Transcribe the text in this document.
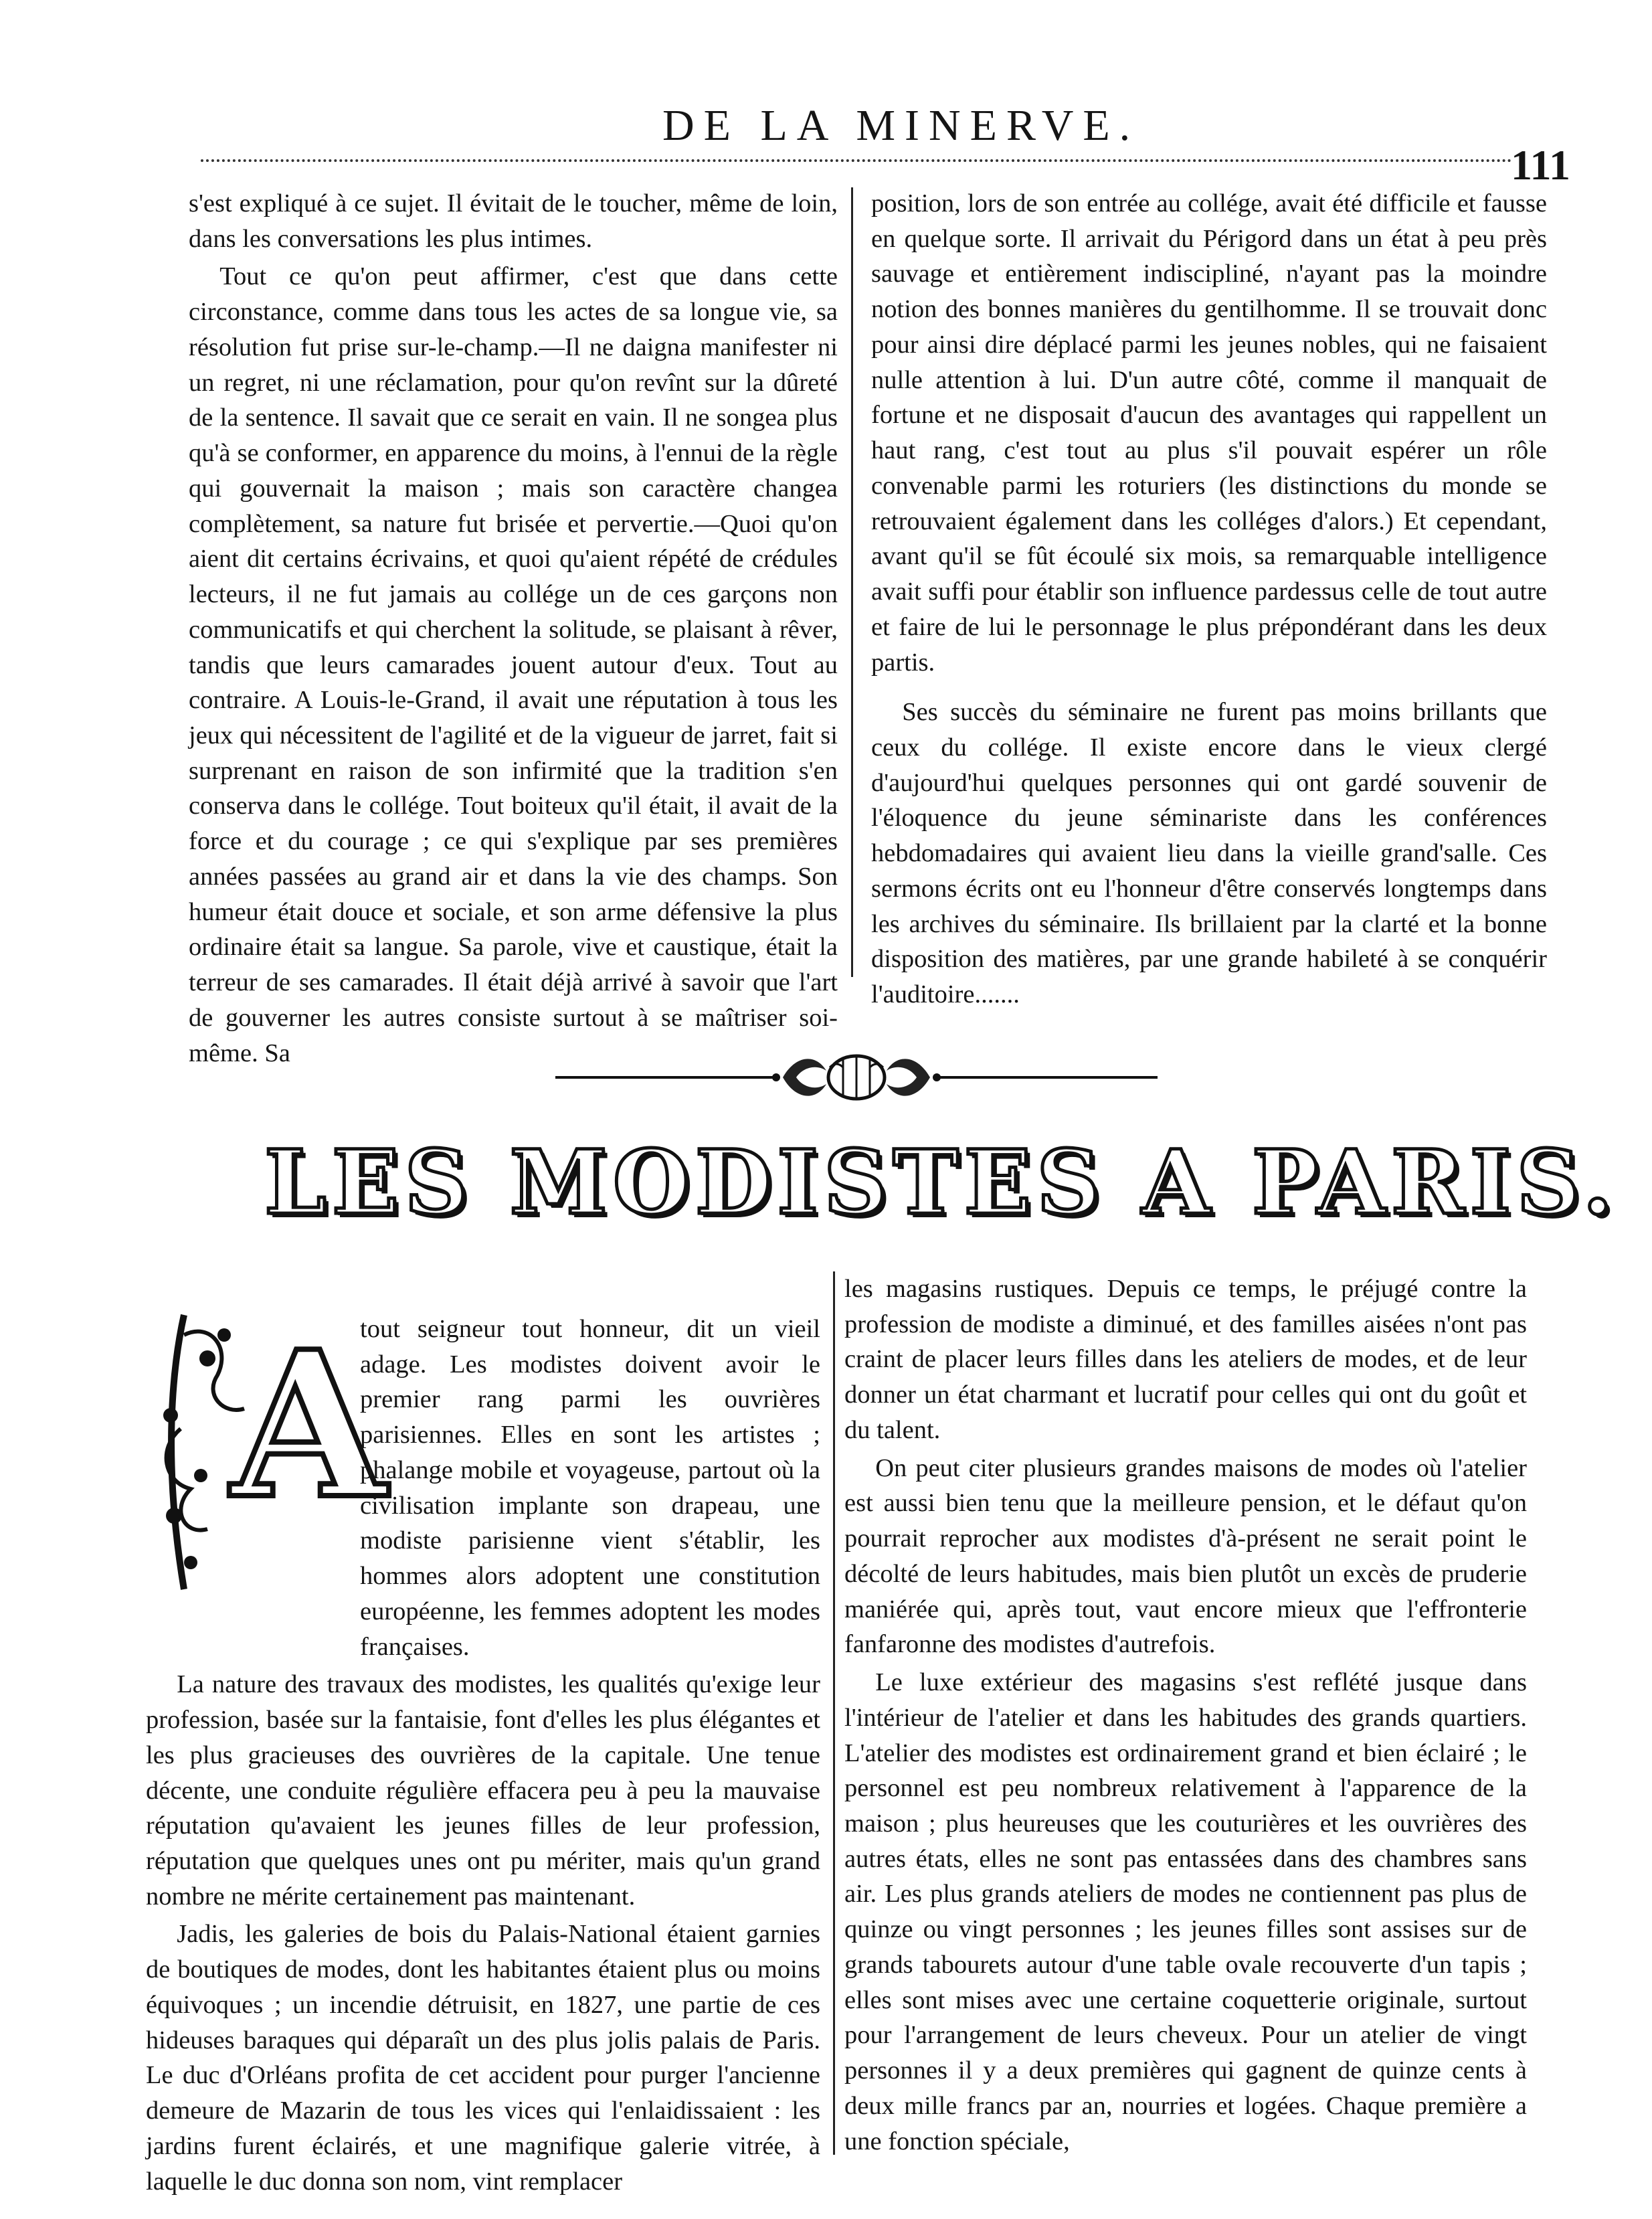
DE LA MINERVE.
111

s'est expliqué à ce sujet. Il évitait de le toucher, même de loin, dans les conversations les plus intimes.

Tout ce qu'on peut affirmer, c'est que dans cette circonstance, comme dans tous les actes de sa longue vie, sa résolution fut prise sur-le-champ.—Il ne daigna manifester ni un regret, ni une réclamation, pour qu'on revînt sur la dûreté de la sentence. Il savait que ce serait en vain. Il ne songea plus qu'à se conformer, en apparence du moins, à l'ennui de la règle qui gouvernait la maison ; mais son caractère changea complètement, sa nature fut brisée et pervertie.—Quoi qu'on aient dit certains écrivains, et quoi qu'aient répété de crédules lecteurs, il ne fut jamais au collége un de ces garçons non communicatifs et qui cherchent la solitude, se plaisant à rêver, tandis que leurs camarades jouent autour d'eux. Tout au contraire. A Louis-le-Grand, il avait une réputation à tous les jeux qui nécessitent de l'agilité et de la vigueur de jarret, fait si surprenant en raison de son infirmité que la tradition s'en conserva dans le collége. Tout boiteux qu'il était, il avait de la force et du courage ; ce qui s'explique par ses premières années passées au grand air et dans la vie des champs. Son humeur était douce et sociale, et son arme défensive la plus ordinaire était sa langue. Sa parole, vive et caustique, était la terreur de ses camarades. Il était déjà arrivé à savoir que l'art de gouverner les autres consiste surtout à se maîtriser soi-même. Sa

position, lors de son entrée au collége, avait été difficile et fausse en quelque sorte. Il arrivait du Périgord dans un état à peu près sauvage et entièrement indiscipliné, n'ayant pas la moindre notion des bonnes manières du gentilhomme. Il se trouvait donc pour ainsi dire déplacé parmi les jeunes nobles, qui ne faisaient nulle attention à lui. D'un autre côté, comme il manquait de fortune et ne disposait d'aucun des avantages qui rappellent un haut rang, c'est tout au plus s'il pouvait espérer un rôle convenable parmi les roturiers (les distinctions du monde se retrouvaient également dans les colléges d'alors.) Et cependant, avant qu'il se fût écoulé six mois, sa remarquable intelligence avait suffi pour établir son influence pardessus celle de tout autre et faire de lui le personnage le plus prépondérant dans les deux partis.

Ses succès du séminaire ne furent pas moins brillants que ceux du collége. Il existe encore dans le vieux clergé d'aujourd'hui quelques personnes qui ont gardé souvenir de l'éloquence du jeune séminariste dans les conférences hebdomadaires qui avaient lieu dans la vieille grand'salle. Ces sermons écrits ont eu l'honneur d'être conservés longtemps dans les archives du séminaire. Ils brillaient par la clarté et la bonne disposition des matières, par une grande habileté à se conquérir l'auditoire.......

LES MODISTES A PARIS.
A

tout seigneur tout honneur, dit un vieil adage. Les modistes doivent avoir le premier rang parmi les ouvrières parisiennes. Elles en sont les artistes ; phalange mobile et voyageuse, partout où la civilisation implante son drapeau, une modiste parisienne vient s'établir, les hommes alors adoptent une constitution européenne, les femmes adoptent les modes françaises.

La nature des travaux des modistes, les qualités qu'exige leur profession, basée sur la fantaisie, font d'elles les plus élégantes et les plus gracieuses des ouvrières de la capitale. Une tenue décente, une conduite régulière effacera peu à peu la mauvaise réputation qu'avaient les jeunes filles de leur profession, réputation que quelques unes ont pu mériter, mais qu'un grand nombre ne mérite certainement pas maintenant.

Jadis, les galeries de bois du Palais-National étaient garnies de boutiques de modes, dont les habitantes étaient plus ou moins équivoques ; un incendie détruisit, en 1827, une partie de ces hideuses baraques qui déparaît un des plus jolis palais de Paris. Le duc d'Orléans profita de cet accident pour purger l'ancienne demeure de Mazarin de tous les vices qui l'enlaidissaient : les jardins furent éclairés, et une magnifique galerie vitrée, à laquelle le duc donna son nom, vint remplacer

les magasins rustiques. Depuis ce temps, le préjugé contre la profession de modiste a diminué, et des familles aisées n'ont pas craint de placer leurs filles dans les ateliers de modes, et de leur donner un état charmant et lucratif pour celles qui ont du goût et du talent.

On peut citer plusieurs grandes maisons de modes où l'atelier est aussi bien tenu que la meilleure pension, et le défaut qu'on pourrait reprocher aux modistes d'à-présent ne serait point le décolté de leurs habitudes, mais bien plutôt un excès de pruderie maniérée qui, après tout, vaut encore mieux que l'effronterie fanfaronne des modistes d'autrefois.

Le luxe extérieur des magasins s'est reflété jusque dans l'intérieur de l'atelier et dans les habitudes des grands quartiers. L'atelier des modistes est ordinairement grand et bien éclairé ; le personnel est peu nombreux relativement à l'apparence de la maison ; plus heureuses que les couturières et les ouvrières des autres états, elles ne sont pas entassées dans des chambres sans air. Les plus grands ateliers de modes ne contiennent pas plus de quinze ou vingt personnes ; les jeunes filles sont assises sur de grands tabourets autour d'une table ovale recouverte d'un tapis ; elles sont mises avec une certaine coquetterie originale, surtout pour l'arrangement de leurs cheveux. Pour un atelier de vingt personnes il y a deux premières qui gagnent de quinze cents à deux mille francs par an, nourries et logées. Chaque première a une fonction spéciale,
